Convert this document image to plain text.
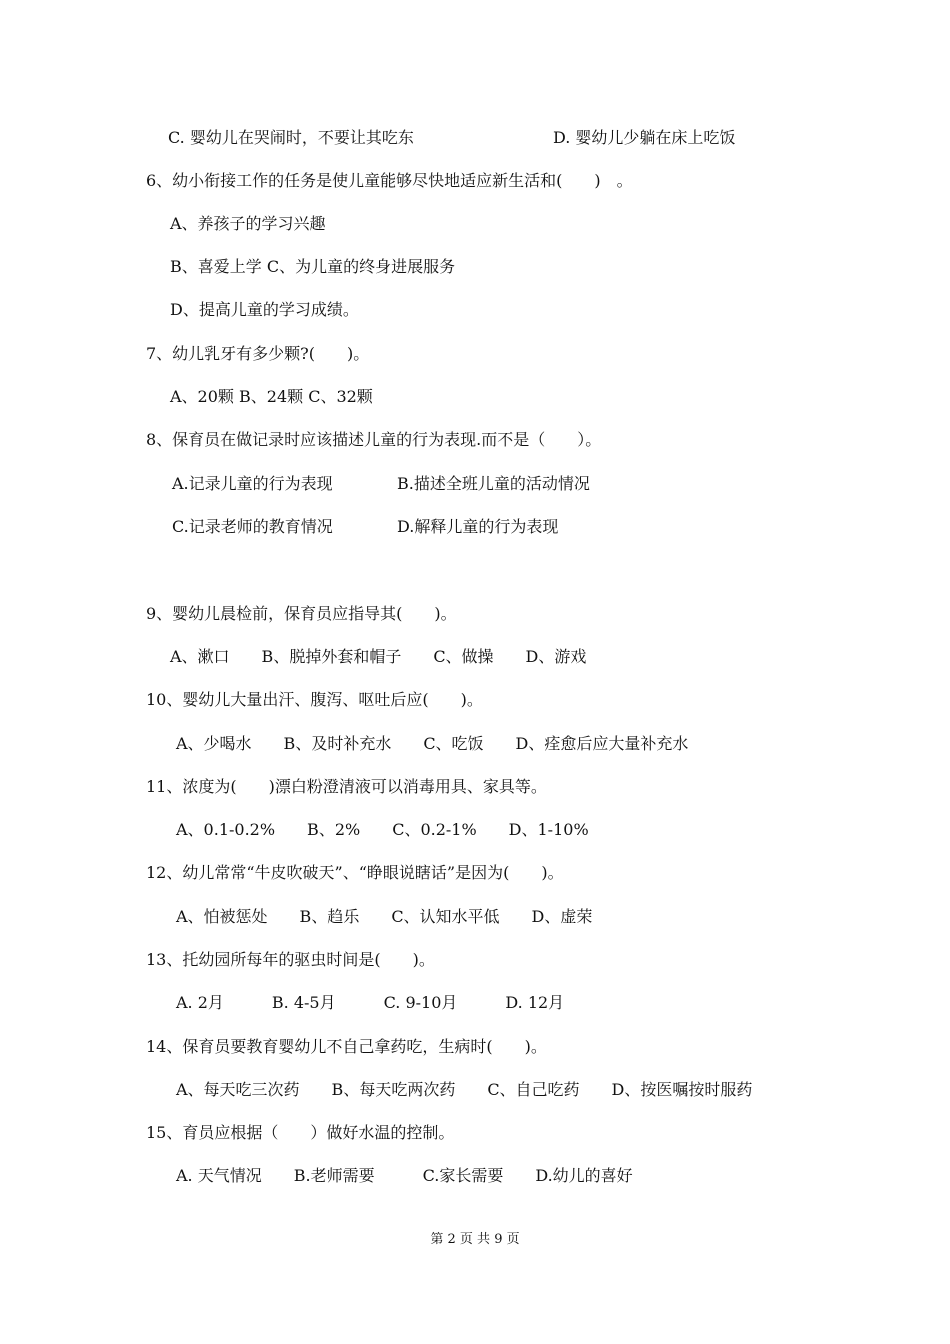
C. 婴幼儿在哭闹时，不要让其吃东	D. 婴幼儿少躺在床上吃饭
6、幼小衔接工作的任务是使儿童能够尽快地适应新生活和(　　)　。
A、养孩子的学习兴趣
B、喜爱上学 C、为儿童的终身进展服务
D、提高儿童的学习成绩。
7、幼儿乳牙有多少颗?(　　)。
A、20颗 B、24颗 C、32颗
8、保育员在做记录时应该描述儿童的行为表现.而不是（　　）。
A.记录儿童的行为表现	B.描述全班儿童的活动情况
C.记录老师的教育情况	D.解释儿童的行为表现
9、婴幼儿晨检前，保育员应指导其(　　)。
A、漱口　　B、脱掉外套和帽子　　C、做操　　D、游戏
10、婴幼儿大量出汗、腹泻、呕吐后应(　　)。
A、少喝水　　B、及时补充水　　C、吃饭　　D、痊愈后应大量补充水
11、浓度为(　　)漂白粉澄清液可以消毒用具、家具等。
A、0.1-0.2%　　B、2%　　C、0.2-1%　　D、1-10%
12、幼儿常常“牛皮吹破天”、“睁眼说瞎话”是因为(　　)。
A、怕被惩处　　B、趋乐　　C、认知水平低　　D、虚荣
13、托幼园所每年的驱虫时间是(　　)。
A. 2月　　　B. 4-5月　　　C. 9-10月　　　D. 12月
14、保育员要教育婴幼儿不自己拿药吃，生病时(　　)。
A、每天吃三次药　　B、每天吃两次药　　C、自己吃药　　D、按医嘱按时服药
15、育员应根据（　　）做好水温的控制。
A. 天气情况　　B.老师需要　　　C.家长需要　　D.幼儿的喜好
第 2 页 共 9 页
